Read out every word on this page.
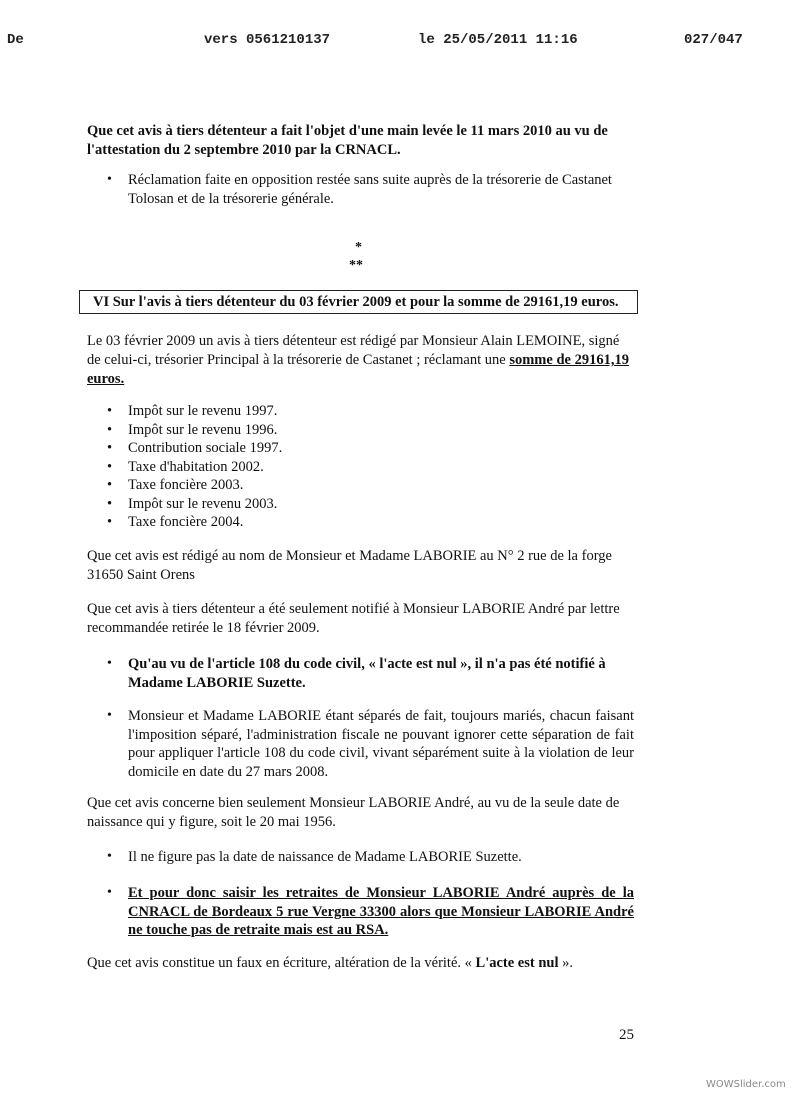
De	vers 0561210137	le 25/05/2011 11:16	027/047

Que cet avis à tiers détenteur a fait l'objet d'une main levée le 11 mars 2010 au vu de l'attestation du 2 septembre 2010 par la CRNACL.

• Réclamation faite en opposition restée sans suite auprès de la trésorerie de Castanet Tolosan et de la trésorerie générale.

*
**
VI Sur l'avis à tiers détenteur du 03 février 2009 et pour la somme de 29161,19 euros.

Le 03 février 2009 un avis à tiers détenteur est rédigé par Monsieur Alain LEMOINE, signé de celui-ci, trésorier Principal à la trésorerie de Castanet ; réclamant une somme de 29161,19 euros.

• Impôt sur le revenu 1997.
• Impôt sur le revenu 1996.
• Contribution sociale 1997.
• Taxe d'habitation 2002.
• Taxe foncière 2003.
• Impôt sur le revenu 2003.
• Taxe foncière 2004.

Que cet avis est rédigé au nom de Monsieur et Madame LABORIE au N° 2 rue de la forge 31650 Saint Orens

Que cet avis à tiers détenteur a été seulement notifié à Monsieur LABORIE André par lettre recommandée retirée le 18 février 2009.

• Qu'au vu de l'article 108 du code civil, « l'acte est nul », il n'a pas été notifié à Madame LABORIE Suzette.

• Monsieur et Madame LABORIE étant séparés de fait, toujours mariés, chacun faisant l'imposition séparé, l'administration fiscale ne pouvant ignorer cette séparation de fait pour appliquer l'article 108 du code civil, vivant séparément suite à la violation de leur domicile en date du 27 mars 2008.

Que cet avis concerne bien seulement Monsieur LABORIE André, au vu de la seule date de naissance qui y figure, soit le 20 mai 1956.

• Il ne figure pas la date de naissance de Madame LABORIE Suzette.

• Et pour donc saisir les retraites de Monsieur LABORIE André auprès de la CNRACL de Bordeaux 5 rue Vergne 33300 alors que Monsieur LABORIE André ne touche pas de retraite mais est au RSA.

Que cet avis constitue un faux en écriture, altération de la vérité. « L'acte est nul ».

25
WOWSlider.com
